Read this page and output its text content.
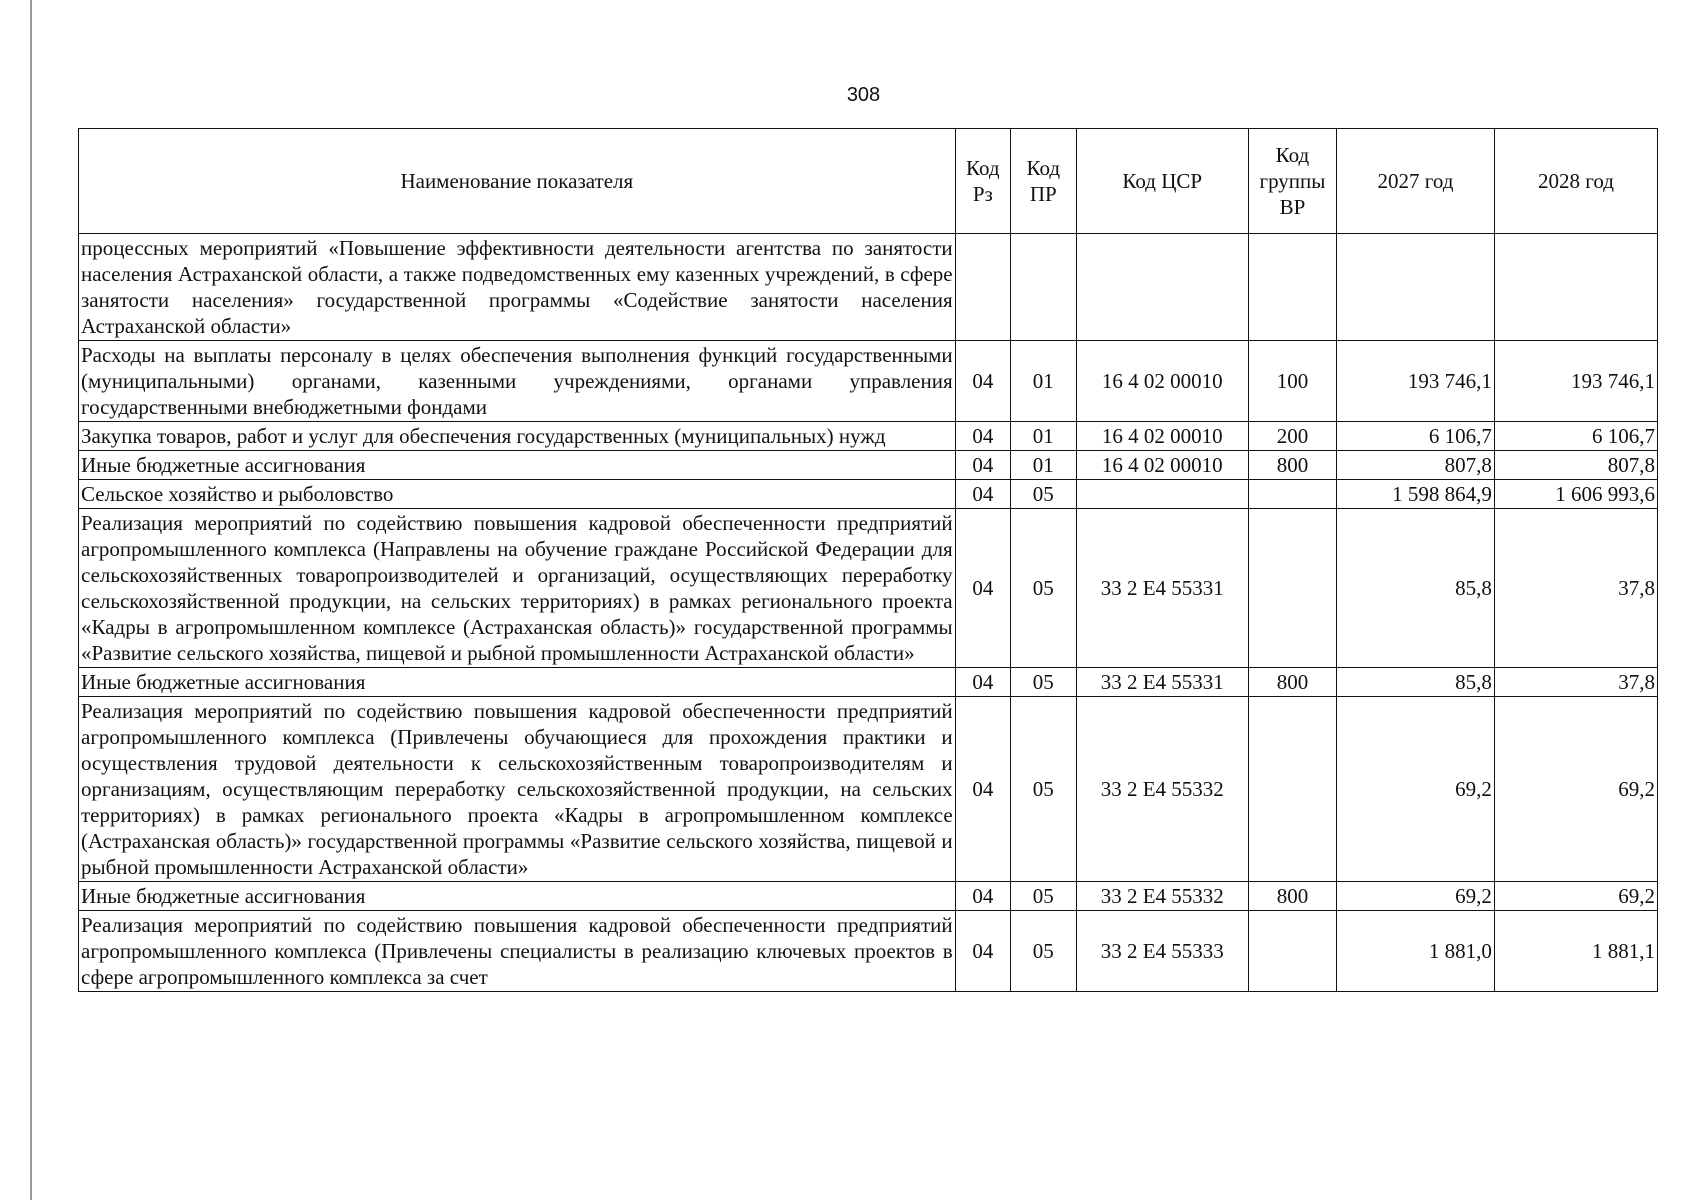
308
Наименование показателя	Код Рз	Код ПР	Код ЦСР	Код группы ВР	2027 год	2028 год
процессных мероприятий «Повышение эффективности деятельности агентства по занятости населения Астраханской области, а также подведомственных ему казенных учреждений, в сфере занятости населения» государственной программы «Содействие занятости населения Астраханской области»						
Расходы на выплаты персоналу в целях обеспечения выполнения функций государственными (муниципальными) органами, казенными учреждениями, органами управления государственными внебюджетными фондами	04	01	16 4 02 00010	100	193 746,1	193 746,1
Закупка товаров, работ и услуг для обеспечения государственных (муниципальных) нужд	04	01	16 4 02 00010	200	6 106,7	6 106,7
Иные бюджетные ассигнования	04	01	16 4 02 00010	800	807,8	807,8
Сельское хозяйство и рыболовство	04	05			1 598 864,9	1 606 993,6
Реализация мероприятий по содействию повышения кадровой обеспеченности предприятий агропромышленного комплекса (Направлены на обучение граждане Российской Федерации для сельскохозяйственных товаропроизводителей и организаций, осуществляющих переработку сельскохозяйственной продукции, на сельских территориях) в рамках регионального проекта «Кадры в агропромышленном комплексе (Астраханская область)» государственной программы «Развитие сельского хозяйства, пищевой и рыбной промышленности Астраханской области»	04	05	33 2 Е4 55331		85,8	37,8
Иные бюджетные ассигнования	04	05	33 2 Е4 55331	800	85,8	37,8
Реализация мероприятий по содействию повышения кадровой обеспеченности предприятий агропромышленного комплекса (Привлечены обучающиеся для прохождения практики и осуществления трудовой деятельности к сельскохозяйственным товаропроизводителям и организациям, осуществляющим переработку сельскохозяйственной продукции, на сельских территориях) в рамках регионального проекта «Кадры в агропромышленном комплексе (Астраханская область)» государственной программы «Развитие сельского хозяйства, пищевой и рыбной промышленности Астраханской области»	04	05	33 2 Е4 55332		69,2	69,2
Иные бюджетные ассигнования	04	05	33 2 Е4 55332	800	69,2	69,2
Реализация мероприятий по содействию повышения кадровой обеспеченности предприятий агропромышленного комплекса (Привлечены специалисты в реализацию ключевых проектов в сфере агропромышленного комплекса за счет	04	05	33 2 Е4 55333		1 881,0	1 881,1
